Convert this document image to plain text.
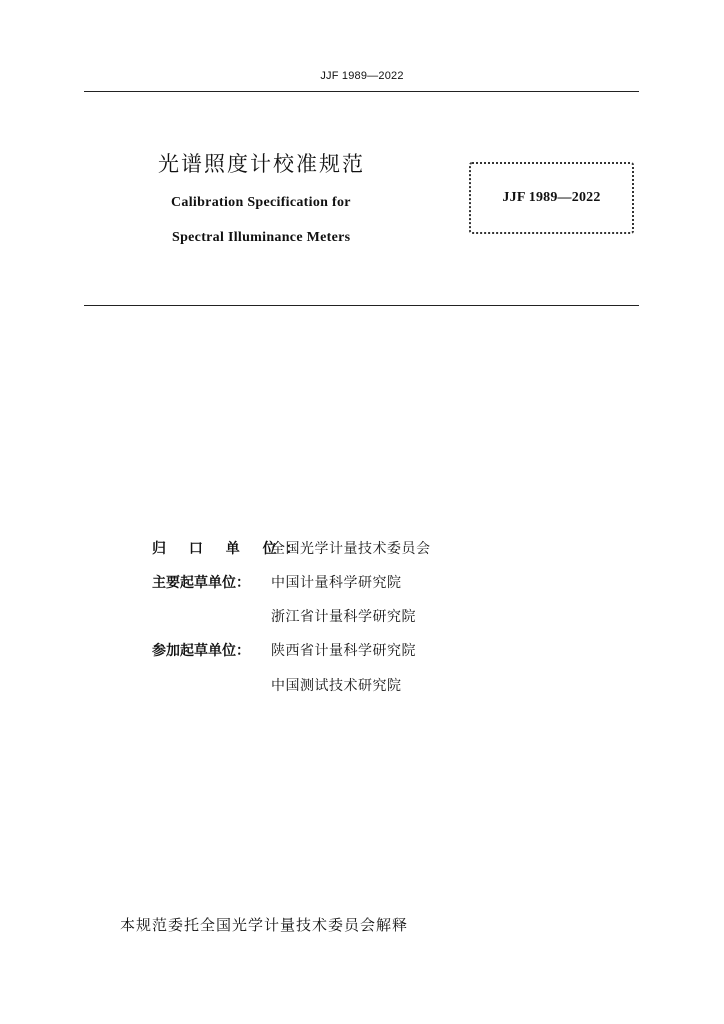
JJF 1989—2022
光谱照度计校准规范
Calibration Specification for
Spectral Illuminance Meters
JJF 1989—2022
归 口 单 位：
全国光学计量技术委员会
主要起草单位： 中国计量科学研究院
浙江省计量科学研究院
参加起草单位： 陕西省计量科学研究院
中国测试技术研究院
本规范委托全国光学计量技术委员会解释
